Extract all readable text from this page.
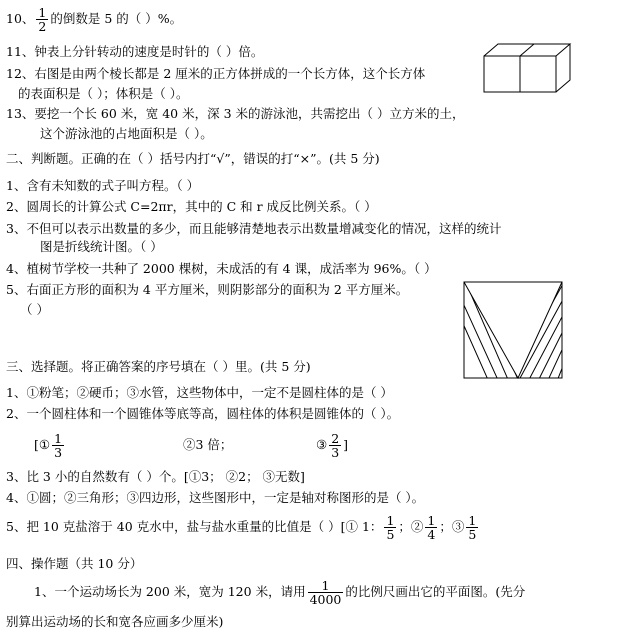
10、 $\frac{1}{2}$ 的倒数是 5 的（ ）%。
11、钟表上分针转动的速度是时针的（ ）倍。
12、右图是由两个棱长都是 2 厘米的正方体拼成的一个长方体，这个长方体
的表面积是（ ）；体积是（ ）。
13、要挖一个长 60 米，宽 40 米，深 3 米的游泳池，共需挖出（ ）立方米的土，
这个游泳池的占地面积是（ ）。
二、判断题。正确的在（ ）括号内打“√”，错误的打“×”。(共 5 分)
1、含有未知数的式子叫方程。（ ）
2、圆周长的计算公式 C=2πr，其中的 C 和 r 成反比例关系。（ ）
3、不但可以表示出数量的多少，而且能够清楚地表示出数量增减变化的情况，这样的统计
图是折线统计图。（ ）
4、植树节学校一共种了 2000 棵树，未成活的有 4 课，成活率为 96%。（ ）
5、右面正方形的面积为 4 平方厘米，则阴影部分的面积为 2 平方厘米。
（ ）
三、选择题。将正确答案的序号填在（ ）里。(共 5 分)
1、①粉笔；②硬币；③水管，这些物体中，一定不是圆柱体的是（ ）
2、一个圆柱体和一个圆锥体等底等高，圆柱体的体积是圆锥体的（ ）。
[① $\frac{1}{3}$	②3 倍；	③ $\frac{2}{3}$ ]
3、比 3 小的自然数有（ ）个。[①3； ②2； ③无数]
4、①圆；②三角形；③四边形，这些图形中，一定是轴对称图形的是（ ）。
5、把 10 克盐溶于 40 克水中，盐与盐水重量的比值是（ ）[① 1： $\frac{1}{5}$ ；② $\frac{1}{4}$ ；③ $\frac{1}{5}$
四、操作题（共 10 分）
1、一个运动场长为 200 米，宽为 120 米，请用 $\frac{1}{4000}$ 的比例尺画出它的平面图。(先分
别算出运动场的长和宽各应画多少厘米)
